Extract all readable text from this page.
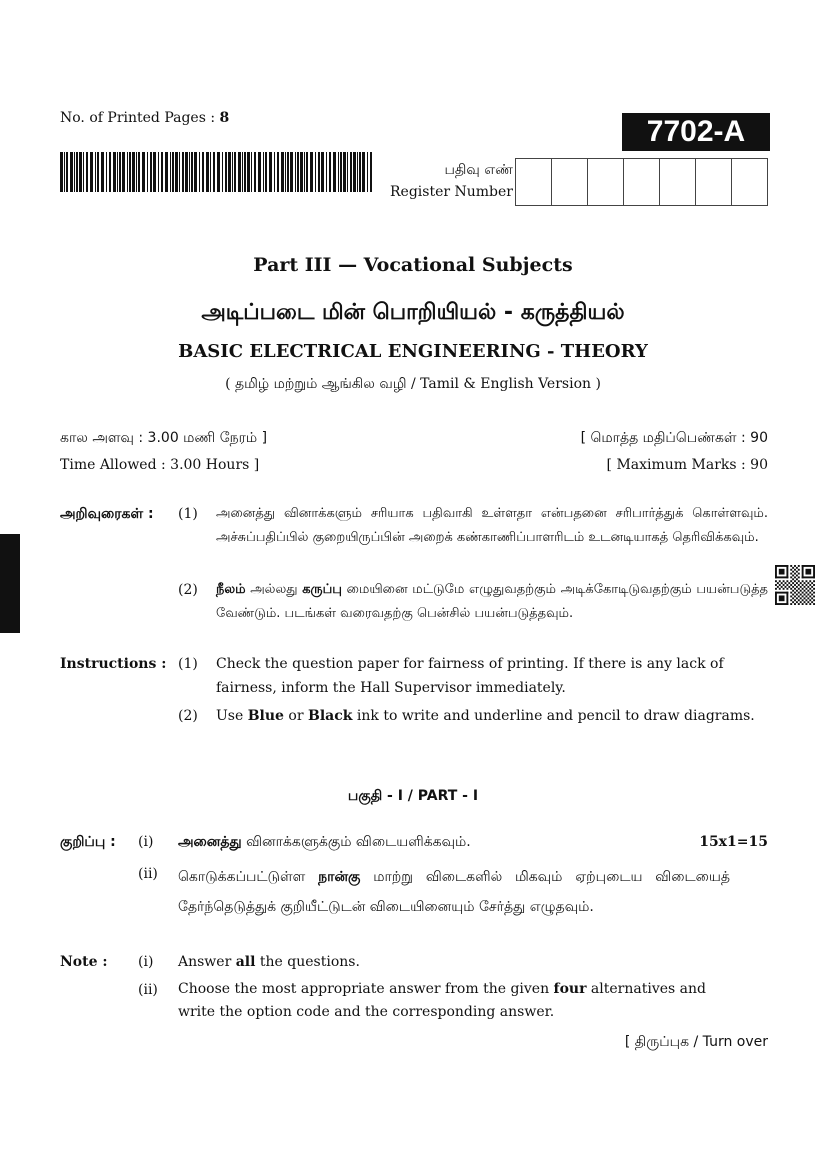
No. of Printed Pages : 8	7702-A
பதிவு எண்
Register Number
Part III — Vocational Subjects
அடிப்படை மின் பொறியியல் - கருத்தியல்
BASIC ELECTRICAL ENGINEERING - THEORY
( தமிழ் மற்றும் ஆங்கில வழி / Tamil & English Version )
கால அளவு : 3.00 மணி நேரம் ]	[ மொத்த மதிப்பெண்கள் : 90
Time Allowed : 3.00 Hours ]	[ Maximum Marks : 90
அறிவுரைகள் : (1) அனைத்து வினாக்களும் சரியாக பதிவாகி உள்ளதா என்பதனை சரிபார்த்துக் கொள்ளவும். அச்சுப்பதிப்பில் குறையிருப்பின் அறைக் கண்காணிப்பாளரிடம் உடனடியாகத் தெரிவிக்கவும்.
(2) நீலம் அல்லது கருப்பு மையினை மட்டுமே எழுதுவதற்கும் அடிக்கோடிடுவதற்கும் பயன்படுத்த வேண்டும். படங்கள் வரைவதற்கு பென்சில் பயன்படுத்தவும்.
Instructions : (1) Check the question paper for fairness of printing. If there is any lack of fairness, inform the Hall Supervisor immediately.
(2) Use Blue or Black ink to write and underline and pencil to draw diagrams.
பகுதி - I / PART - I
குறிப்பு : (i) அனைத்து வினாக்களுக்கும் விடையளிக்கவும்.	15x1=15
(ii) கொடுக்கப்பட்டுள்ள நான்கு மாற்று விடைகளில் மிகவும் ஏற்புடைய விடையைத் தேர்ந்தெடுத்துக் குறியீட்டுடன் விடையினையும் சேர்த்து எழுதவும்.
Note : (i) Answer all the questions.
(ii) Choose the most appropriate answer from the given four alternatives and write the option code and the corresponding answer.
[ திருப்புக / Turn over
